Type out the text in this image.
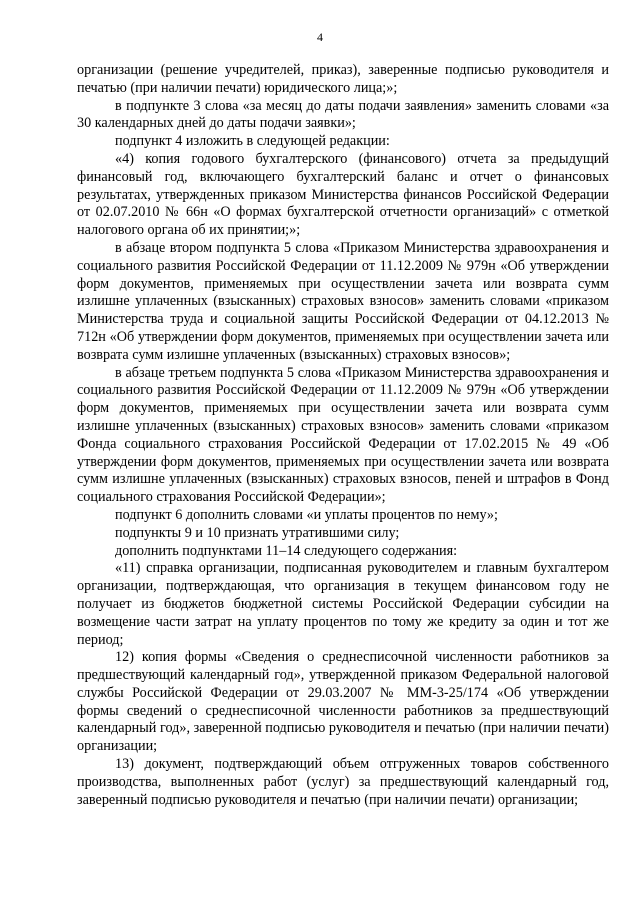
4

организации (решение учредителей, приказ), заверенные подписью руководителя и печатью (при наличии печати) юридического лица;»;

в подпункте 3 слова «за месяц до даты подачи заявления» заменить словами «за 30 календарных дней до даты подачи заявки»;

подпункт 4 изложить в следующей редакции:

«4) копия годового бухгалтерского (финансового) отчета за предыдущий финансовый год, включающего бухгалтерский баланс и отчет о финансовых результатах, утвержденных приказом Министерства финансов Российской Федерации от 02.07.2010 № 66н «О формах бухгалтерской отчетности организаций» с отметкой налогового органа об их принятии;»;

в абзаце втором подпункта 5 слова «Приказом Министерства здравоохранения и социального развития Российской Федерации от 11.12.2009 № 979н «Об утверждении форм документов, применяемых при осуществлении зачета или возврата сумм излишне уплаченных (взысканных) страховых взносов» заменить словами «приказом Министерства труда и социальной защиты Российской Федерации от 04.12.2013 № 712н «Об утверждении форм документов, применяемых при осуществлении зачета или возврата сумм излишне уплаченных (взысканных) страховых взносов»;

в абзаце третьем подпункта 5 слова «Приказом Министерства здравоохранения и социального развития Российской Федерации от 11.12.2009 № 979н «Об утверждении форм документов, применяемых при осуществлении зачета или возврата сумм излишне уплаченных (взысканных) страховых взносов» заменить словами «приказом Фонда социального страхования Российской Федерации от 17.02.2015 № 49 «Об утверждении форм документов, применяемых при осуществлении зачета или возврата сумм излишне уплаченных (взысканных) страховых взносов, пеней и штрафов в Фонд социального страхования Российской Федерации»;

подпункт 6 дополнить словами «и уплаты процентов по нему»;

подпункты 9 и 10 признать утратившими силу;

дополнить подпунктами 11–14 следующего содержания:

«11) справка организации, подписанная руководителем и главным бухгалтером организации, подтверждающая, что организация в текущем финансовом году не получает из бюджетов бюджетной системы Российской Федерации субсидии на возмещение части затрат на уплату процентов по тому же кредиту за один и тот же период;

12) копия формы «Сведения о среднесписочной численности работников за предшествующий календарный год», утвержденной приказом Федеральной налоговой службы Российской Федерации от 29.03.2007 № ММ-3-25/174 «Об утверждении формы сведений о среднесписочной численности работников за предшествующий календарный год», заверенной подписью руководителя и печатью (при наличии печати) организации;

13) документ, подтверждающий объем отгруженных товаров собственного производства, выполненных работ (услуг) за предшествующий календарный год, заверенный подписью руководителя и печатью (при наличии печати) организации;
